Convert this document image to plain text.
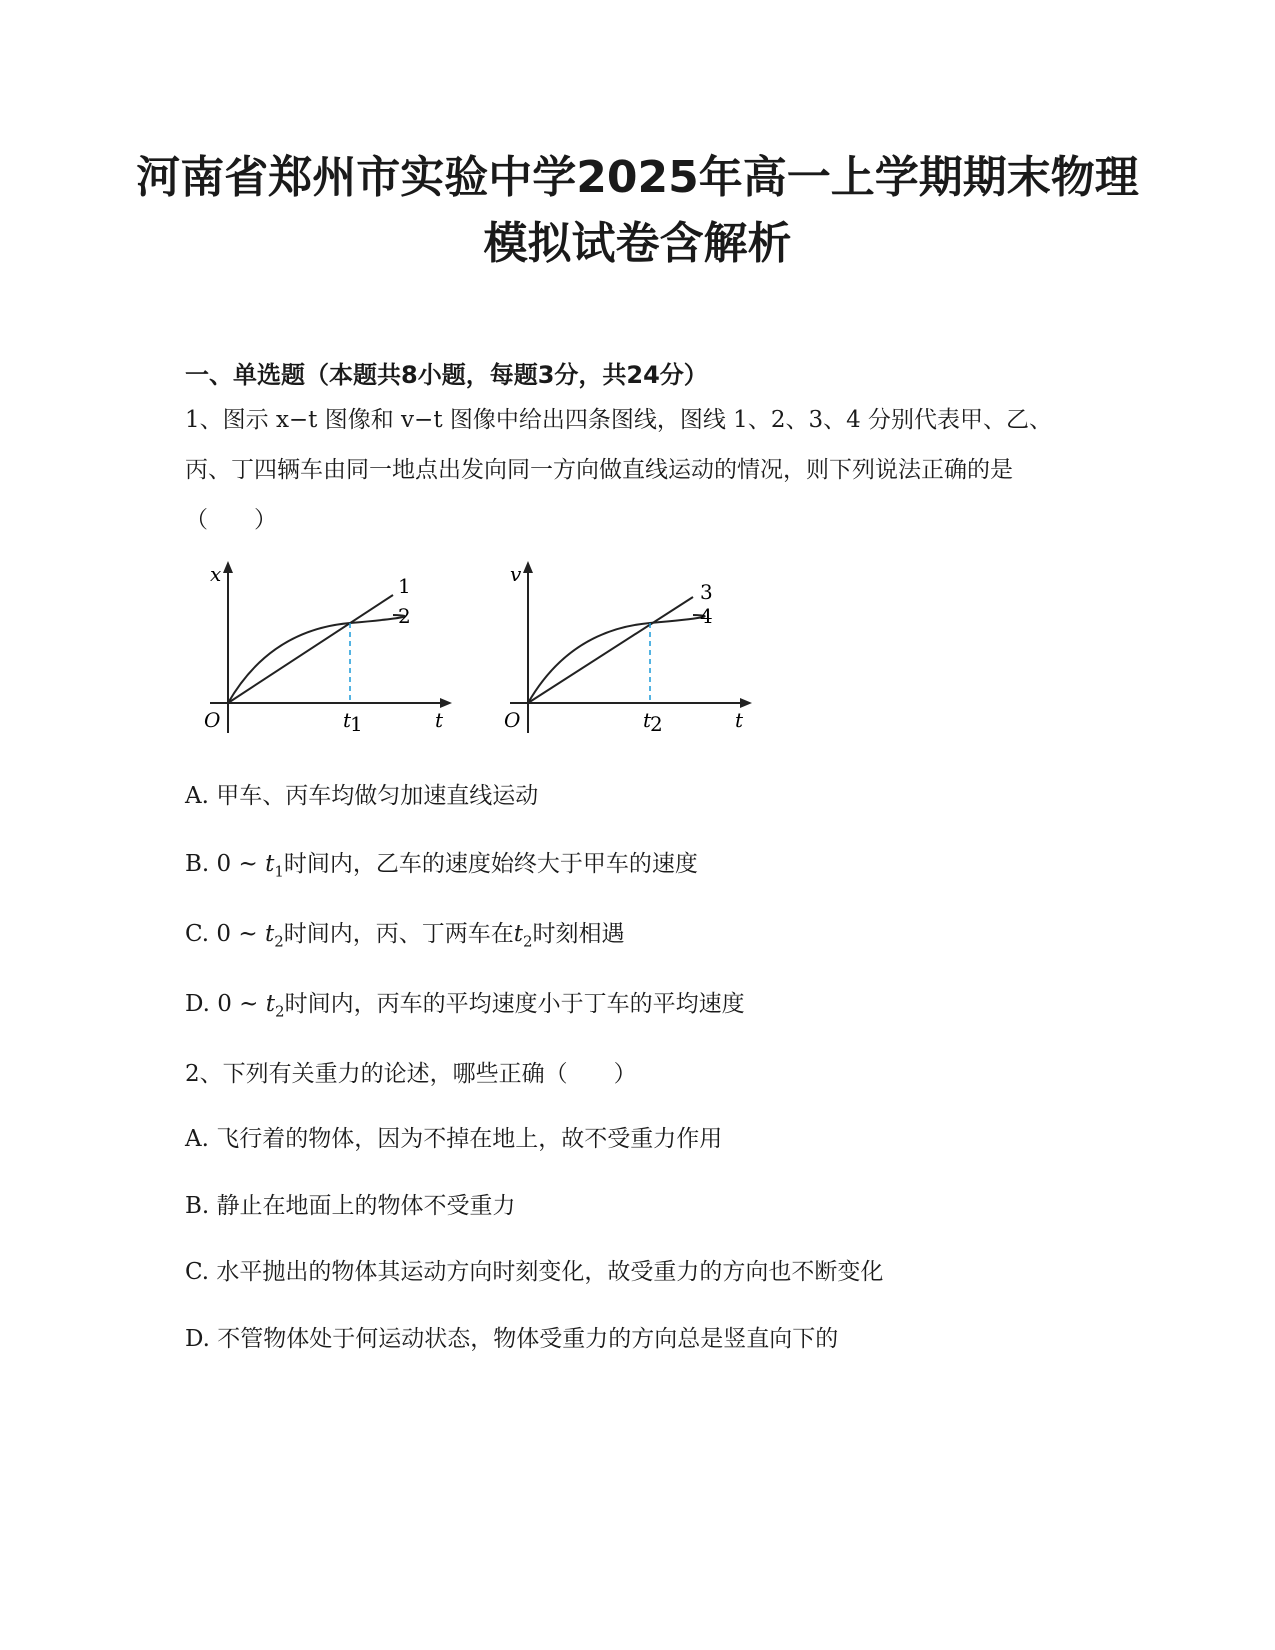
河南省郑州市实验中学2025年高一上学期期末物理模拟试卷含解析
一、单选题（本题共8小题，每题3分，共24分）
1、图示 x−t 图像和 v−t 图像中给出四条图线，图线 1、2、3、4 分别代表甲、乙、丙、丁四辆车由同一地点出发向同一方向做直线运动的情况，则下列说法正确的是（　　）
x
O	t
t
1
1
2
v
O	t
t
2
3
4
A. 甲车、丙车均做匀加速直线运动
B. 0 ~ $t_1$时间内，乙车的速度始终大于甲车的速度
C. 0 ~ $t_2$时间内，丙、丁两车在$t_2$时刻相遇
D. 0 ~ $t_2$时间内，丙车的平均速度小于丁车的平均速度
2、下列有关重力的论述，哪些正确（　　）
A. 飞行着的物体，因为不掉在地上，故不受重力作用
B. 静止在地面上的物体不受重力
C. 水平抛出的物体其运动方向时刻变化，故受重力的方向也不断变化
D. 不管物体处于何运动状态，物体受重力的方向总是竖直向下的
